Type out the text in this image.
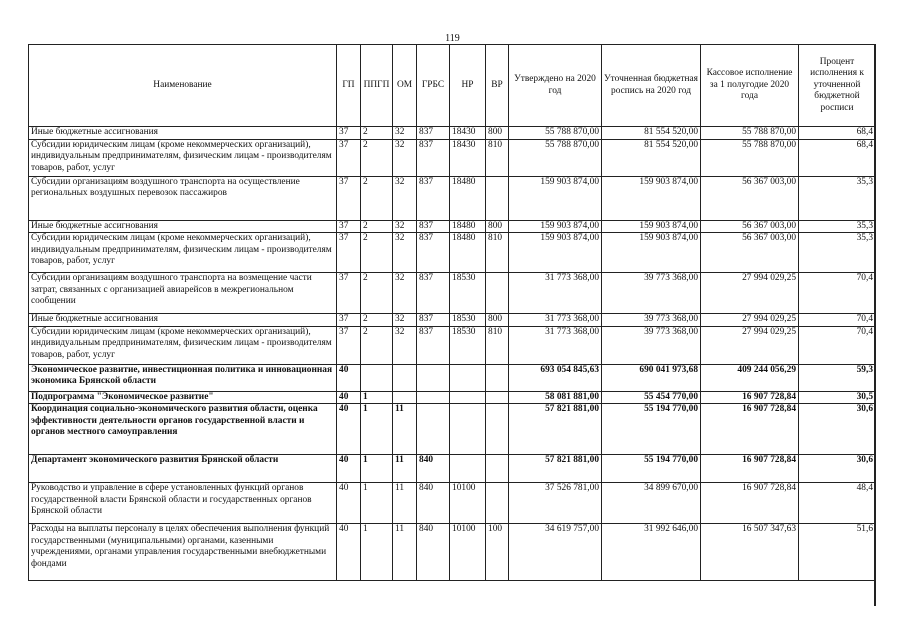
119
Наименование	ГП	ППГП	ОМ	ГРБС	НР	ВР	Утверждено на 2020 год	Уточненная бюджетная роспись на 2020 год	Кассовое исполнение за 1 полугодие 2020 года	Процент исполнения к уточненной бюджетной росписи
Иные бюджетные ассигнования	37	2	32	837	18430	800	55 788 870,00	81 554 520,00	55 788 870,00	68,4
Субсидии юридическим лицам (кроме некоммерческих организаций), индивидуальным предпринимателям, физическим лицам - производителям товаров, работ, услуг	37	2	32	837	18430	810	55 788 870,00	81 554 520,00	55 788 870,00	68,4
Субсидии организациям воздушного транспорта на осуществление региональных воздушных перевозок пассажиров	37	2	32	837	18480		159 903 874,00	159 903 874,00	56 367 003,00	35,3
Иные бюджетные ассигнования	37	2	32	837	18480	800	159 903 874,00	159 903 874,00	56 367 003,00	35,3
Субсидии юридическим лицам (кроме некоммерческих организаций), индивидуальным предпринимателям, физическим лицам - производителям товаров, работ, услуг	37	2	32	837	18480	810	159 903 874,00	159 903 874,00	56 367 003,00	35,3
Субсидии организациям воздушного транспорта на возмещение части затрат, связанных с организацией авиарейсов в межрегиональном сообщении	37	2	32	837	18530		31 773 368,00	39 773 368,00	27 994 029,25	70,4
Иные бюджетные ассигнования	37	2	32	837	18530	800	31 773 368,00	39 773 368,00	27 994 029,25	70,4
Субсидии юридическим лицам (кроме некоммерческих организаций), индивидуальным предпринимателям, физическим лицам - производителям товаров, работ, услуг	37	2	32	837	18530	810	31 773 368,00	39 773 368,00	27 994 029,25	70,4
Экономическое развитие, инвестиционная политика и инновационная экономика Брянской области	40						693 054 845,63	690 041 973,68	409 244 056,29	59,3
Подпрограмма "Экономическое развитие"	40	1					58 081 881,00	55 454 770,00	16 907 728,84	30,5
Координация социально-экономического развития области, оценка эффективности деятельности органов государственной власти и органов местного самоуправления	40	1	11				57 821 881,00	55 194 770,00	16 907 728,84	30,6
Департамент экономического развития Брянской области	40	1	11	840			57 821 881,00	55 194 770,00	16 907 728,84	30,6
Руководство и управление в сфере установленных функций органов государственной власти Брянской области и государственных органов Брянской области	40	1	11	840	10100		37 526 781,00	34 899 670,00	16 907 728,84	48,4
Расходы на выплаты персоналу в целях обеспечения выполнения функций государственными (муниципальными) органами, казенными учреждениями, органами управления государственными внебюджетными фондами	40	1	11	840	10100	100	34 619 757,00	31 992 646,00	16 507 347,63	51,6
